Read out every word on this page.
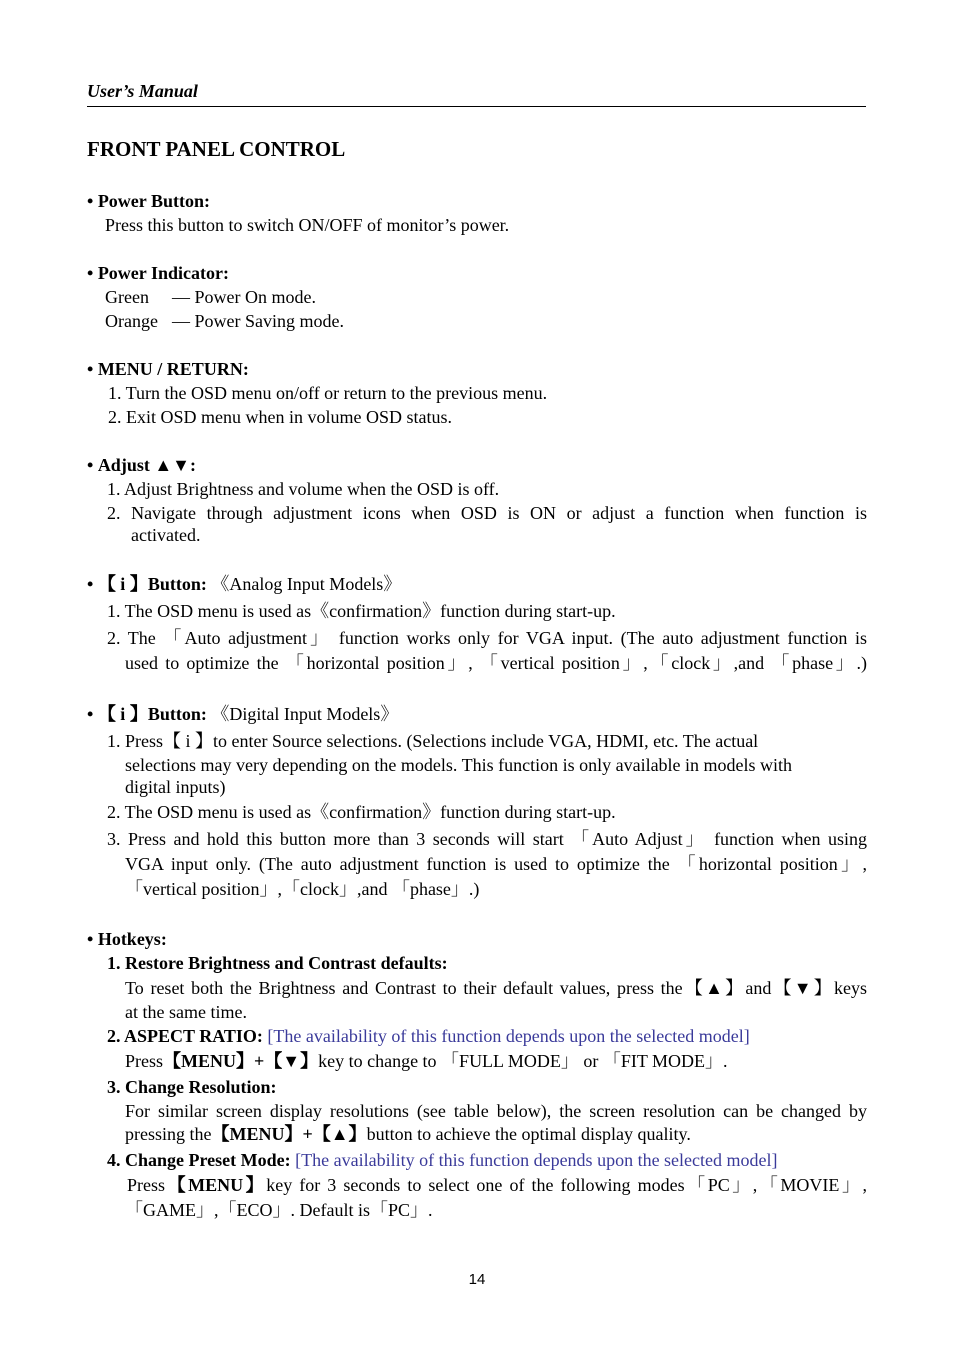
User’s Manual
FRONT PANEL CONTROL
• Power Button:
Press this button to switch ON/OFF of monitor’s power.
• Power Indicator:
Green — Power On mode.
Orange — Power Saving mode.
• MENU / RETURN:
1. Turn the OSD menu on/off or return to the previous menu.
2. Exit OSD menu when in volume OSD status.
• Adjust ▲▼:
1. Adjust Brightness and volume when the OSD is off.
2. Navigate through adjustment icons when OSD is ON or adjust a function when function is
activated.
• 【 i 】Button: 《Analog Input Models》
1. The OSD menu is used as《confirmation》function during start-up.
2. The 「Auto adjustment」 function works only for VGA input. (The auto adjustment function is
used to optimize the 「horizontal position」, 「vertical position」,「clock」,and 「phase」.)
• 【 i 】Button: 《Digital Input Models》
1. Press【 i 】to enter Source selections. (Selections include VGA, HDMI, etc. The actual
selections may very depending on the models. This function is only available in models with
digital inputs)
2. The OSD menu is used as《confirmation》function during start-up.
3. Press and hold this button more than 3 seconds will start 「Auto Adjust」 function when using
VGA input only. (The auto adjustment function is used to optimize the 「horizontal position」,
「vertical position」,「clock」,and 「phase」.)
• Hotkeys:
1. Restore Brightness and Contrast defaults:
To reset both the Brightness and Contrast to their default values, press the【▲】and【▼】keys
at the same time.
2. ASPECT RATIO: [The availability of this function depends upon the selected model]
Press【MENU】+【▼】key to change to 「FULL MODE」 or 「FIT MODE」.
3. Change Resolution:
For similar screen display resolutions (see table below), the screen resolution can be changed by
pressing the【MENU】+【▲】button to achieve the optimal display quality.
4. Change Preset Mode: [The availability of this function depends upon the selected model]
Press【MENU】key for 3 seconds to select one of the following modes「PC」,「MOVIE」,
「GAME」,「ECO」. Default is「PC」.
14
